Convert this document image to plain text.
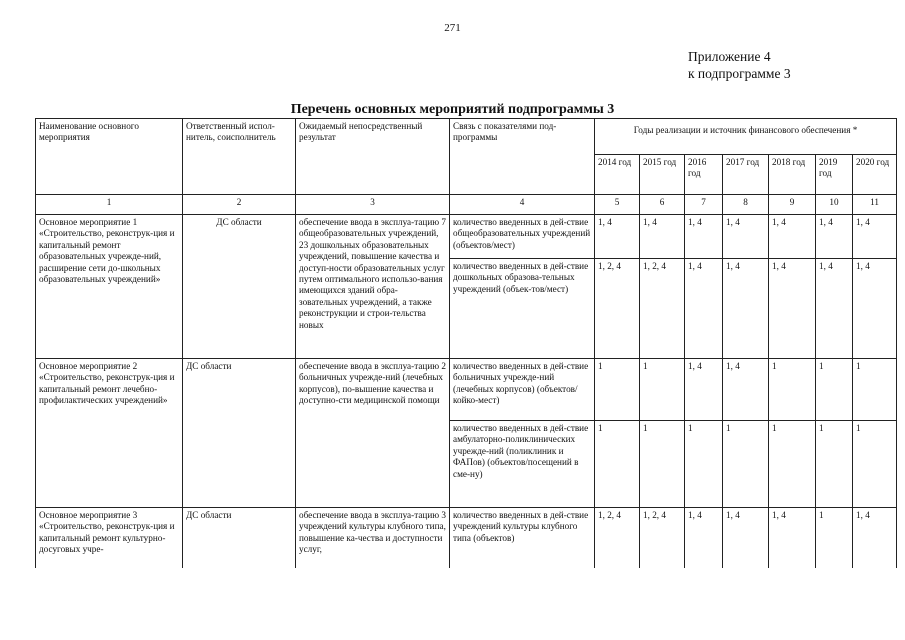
271
Приложение 4
к подпрограмме 3
Перечень основных мероприятий подпрограммы 3
Наименование основного мероприятия	Ответственный испол-нитель, соисполнитель	Ожидаемый непосредственный результат	Связь с показателями под-программы	Годы реализации и источник финансового обеспечения *						
				2014 год	2015 год	2016 год	2017 год	2018 год	2019 год	2020 год
1	2	3	4	5	6	7	8	9	10	11
Основное мероприятие 1 «Строительство, реконструк-ция и капитальный ремонт образовательных учрежде-ний, расширение сети до-школьных образовательных учреждений»	ДС области	обеспечение ввода в эксплуа-тацию 7 общеобразовательных учреждений, 23 дошкольных образовательных учреждений, повышение качества и доступ-ности образовательных услуг путем оптимального использо-вания имеющихся зданий обра-зовательных учреждений, а также реконструкции и строи-тельства новых	количество введенных в дей-ствие общеобразовательных учреждений (объектов/мест)	1, 4	1, 4	1, 4	1, 4	1, 4	1, 4	1, 4
			количество введенных в дей-ствие дошкольных образова-тельных учреждений (объек-тов/мест)	1, 2, 4	1, 2, 4	1, 4	1, 4	1, 4	1, 4	1, 4
Основное мероприятие 2 «Строительство, реконструк-ция и капитальный ремонт лечебно-профилактических учреждений»	ДС области	обеспечение ввода в эксплуа-тацию 2 больничных учрежде-ний (лечебных корпусов), по-вышение качества и доступно-сти медицинской помощи	количество введенных в дей-ствие больничных учрежде-ний (лечебных корпусов) (объектов/койко-мест)	1	1	1, 4	1, 4	1	1	1
			количество введенных в дей-ствие амбулаторно-поликлинических учрежде-ний (поликлиник и ФАПов) (объектов/посещений в сме-ну)	1	1	1	1	1	1	1
Основное мероприятие 3 «Строительство, реконструк-ция и капитальный ремонт культурно-досуговых учре-	ДС области	обеспечение ввода в эксплуа-тацию 3 учреждений культуры клубного типа, повышение ка-чества и доступности услуг,	количество введенных в дей-ствие учреждений культуры клубного типа (объектов)	1, 2, 4	1, 2, 4	1, 4	1, 4	1, 4	1	1, 4
